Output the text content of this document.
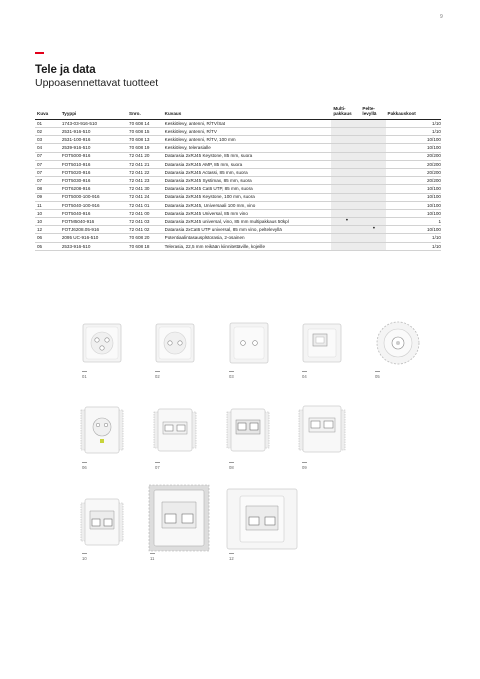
9
Tele ja data
Uppoasennettavat tuotteet
Kuva	Tyyppi	Snro.	Kuvaus	Multi-pakkaus	Pelte-levyllä	Pakkauskoot
01	1743-03-916-510	70 608 14	Keskiölevy, antenni, R/TV/Sat			1/10
02	2531-916-510	70 608 15	Keskiölevy, antenni, R/TV			1/10
03	2531-100-916	70 608 13	Keskiölevy, antenni, R/TV, 100 mm			10/100
04	2539-916-510	70 608 19	Keskiölevy, telerasialle			10/100
07	FOT5000-916	72 041 20	Datarasia 2xRJ45 Keystone, 85 mm, suora			20/200
07	FOT5010-916	72 041 21	Datarasia 2xRJ45 AMP, 85 mm, suora			20/200
07	FOT5020-916	72 041 22	Datarasia 2xRJ45 Actassi, 85 mm, suora			20/200
07	FOT5030-916	72 041 23	Datarasia 2xRJ45 Systimax, 85 mm, suora			20/200
08	FOT6208-916	72 041 30	Datarasia 2xRJ45 Cat6 UTP, 85 mm, suora			10/100
09	FOT5000-100-916	72 041 24	Datarasia 2xRJ45 Keystone, 100 mm, suora			10/100
11	FOT5040-100-916	72 041 01	Datarasia 2xRJ45, Universaali 100 mm, vino			10/100
10	FOT5040-916	72 041 00	Datarasia 2xRJ45 Universal, 85 mm vino			10/100
10	FOTM5040-916	72 041 03	Datarasia 2xRJ45 universal, vino, 85 mm multipakkaus 50kpl	•		1
12	FOTJ6208.05-916	72 041 02	Datarasia 2xCat6 UTP universal, 85 mm vino, peltelevyllä		•	10/100
06	2095 UC-916-510	70 608 20	Potentiaalintasausplstorasia, 2-osainen			1/10
05	2533-916-510	70 608 18	Telerasia, 22,5 mm reikään kiinnitettäville, kojeille			1/10
01	02	03	04	05
06	07	08	09
10	11	12
